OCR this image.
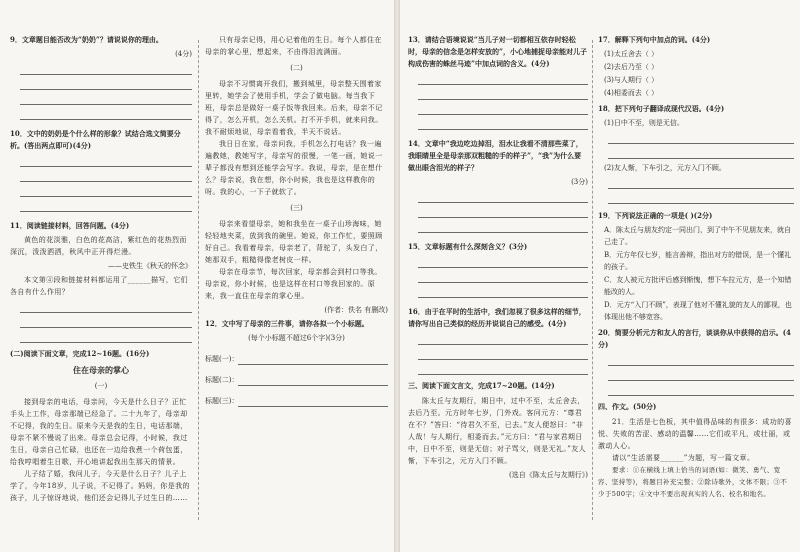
9．文章题目能否改为“奶奶”？请说说你的理由。

(4分)

10．文中的奶奶是个什么样的形象？试结合选文简要分析。(答出两点即可)(4分)

11．阅读链接材料，回答问题。(4分)

黄色的花淡雅，白色的花高洁，紫红色的花热烈而深沉，泼泼洒洒，秋风中正开得烂漫。

——史铁生《秋天的怀念》

本文第④段和链接材料都运用了______描写，它们各自有什么作用？

(二)阅读下面文章，完成12~16题。(16分)

住在母亲的掌心

(一)

接到母亲的电话，母亲问，今天是什么日子？正忙手头上工作，母亲那端已经急了。二十九年了，母亲却不记得，我的生日。原来今天是我的生日，电话那端，母亲不紧不慢说了出来。母亲总会记得，小时候，我过生日，母亲自己忙碌，也还在一边给我煮一个荷包蛋，给我哼唱着生日歌，开心地讲起我出生那天的情景。

儿子结了婚，我问儿子，今天是什么日子？儿子上学了，今年18岁，儿子说，不记得了。妈妈，你是我的孩子，儿子惊讶地说，他们还会记得儿子过生日的……

只有母亲记得，用心记着他的生日。每个人都住在母亲的掌心里，想起来，不由得泪流满面。

(二)

母亲不习惯离开我们，搬到城里，母亲整天围着家里转，她学会了使用手机，学会了做电脑。每当我下班，母亲总是做好一桌子饭等我回来。后来，母亲不记得了，怎么开机，怎么关机。打不开手机，就来问我。我不耐烦地说，母亲看着我，半天不说话。

我日日在家，母亲问我，手机怎么打电话？我一遍遍教她，教她写字，母亲写的很慢，一笔一画，她说一辈子都没有想到还能学会写字。我说，母亲，是在想什么？母亲说，我在想，你小时候，我也是这样教你的呀。我的心，一下子就软了。

(三)

母亲来看望母亲，她和我坐在一桌子山珍海味，她轻轻地夹菜，放到我的碗里。她说，你工作忙，要照顾好自己。我看着母亲，母亲老了，背驼了，头发白了，她那双手，粗糙得像老树皮一样。

母亲在母亲节，每次回家，母亲都会到村口等我。母亲说，你小时候，也是这样在村口等我回家的。原来，我一直住在母亲的掌心里。

(作者：佚名 有删改)

12．文中写了母亲的三件事，请你各拟一个小标题。

(每个小标题不超过6个字)(3分)

标题(一)：
标题(二)：
标题(三)：

13．请结合语境说说“当儿子对一切都相互依存时轻松时，母亲的信念是怎样安放的”，小心地捕捉母亲能对儿子构成伤害的蛛丝马迹”中加点词的含义。(4分)

14．文章中“我边吃边掉泪，泪水让我看不清那些菜了，我眼睛里全是母亲那双粗糙的手的样子”，“我”为什么要做出眼含泪光的样子？

(3分)

15．文章标题有什么深刻含义？(3分)

16．由于在平时的生活中，我们忽视了很多这样的细节，请你写出自己类似的经历并说说自己的感受。(4分)

三、阅读下面文言文，完成17~20题。(14分)

陈太丘与友期行，期日中，过中不至，太丘舍去，去后乃至。元方时年七岁，门外戏。客问元方：“尊君在不？”答曰：“待君久不至，已去。”友人便怒曰：“非人哉！与人期行，相委而去。”元方曰：“君与家君期日中，日中不至，则是无信；对子骂父，则是无礼。”友人惭，下车引之，元方入门不顾。

(选自《陈太丘与友期行》)

17．解释下列句中加点的词。(4分)

(1)太丘舍去（ ）

(2)去后乃至（ ）

(3)与人期行（ ）

(4)相委而去（ ）

18．把下列句子翻译成现代汉语。(4分)

(1)日中不至，则是无信。

(2)友人惭，下车引之，元方入门不顾。

19．下列说法正确的一项是( )(2分)

A．陈太丘与朋友约定一同出门，到了中午不见朋友来，就自己走了。

B．元方年仅七岁，能言善辩，指出对方的错误，是一个懂礼的孩子。

C．友人被元方批评后感到惭愧，想下车拉元方，是一个知错能改的人。

D．元方“入门不顾”，表现了他对不懂礼貌的友人的鄙视，也体现出他不够宽容。

20．简要分析元方和友人的言行，谈谈你从中获得的启示。(4分)

四、作文。(50分)

21．生活是七色板，其中值得品味的有很多：成功的喜悦、失败的苦涩、感动的温馨……它们或平凡，或壮丽，或激动人心。

请以“生活需要______”为题，写一篇文章。

要求：①在横线上填上恰当的词语(如：微笑、勇气、宽容、坚持等)，将题目补充完整；②除诗歌外，文体不限；③不少于500字；④文中不要出现真实的人名、校名和地名。
